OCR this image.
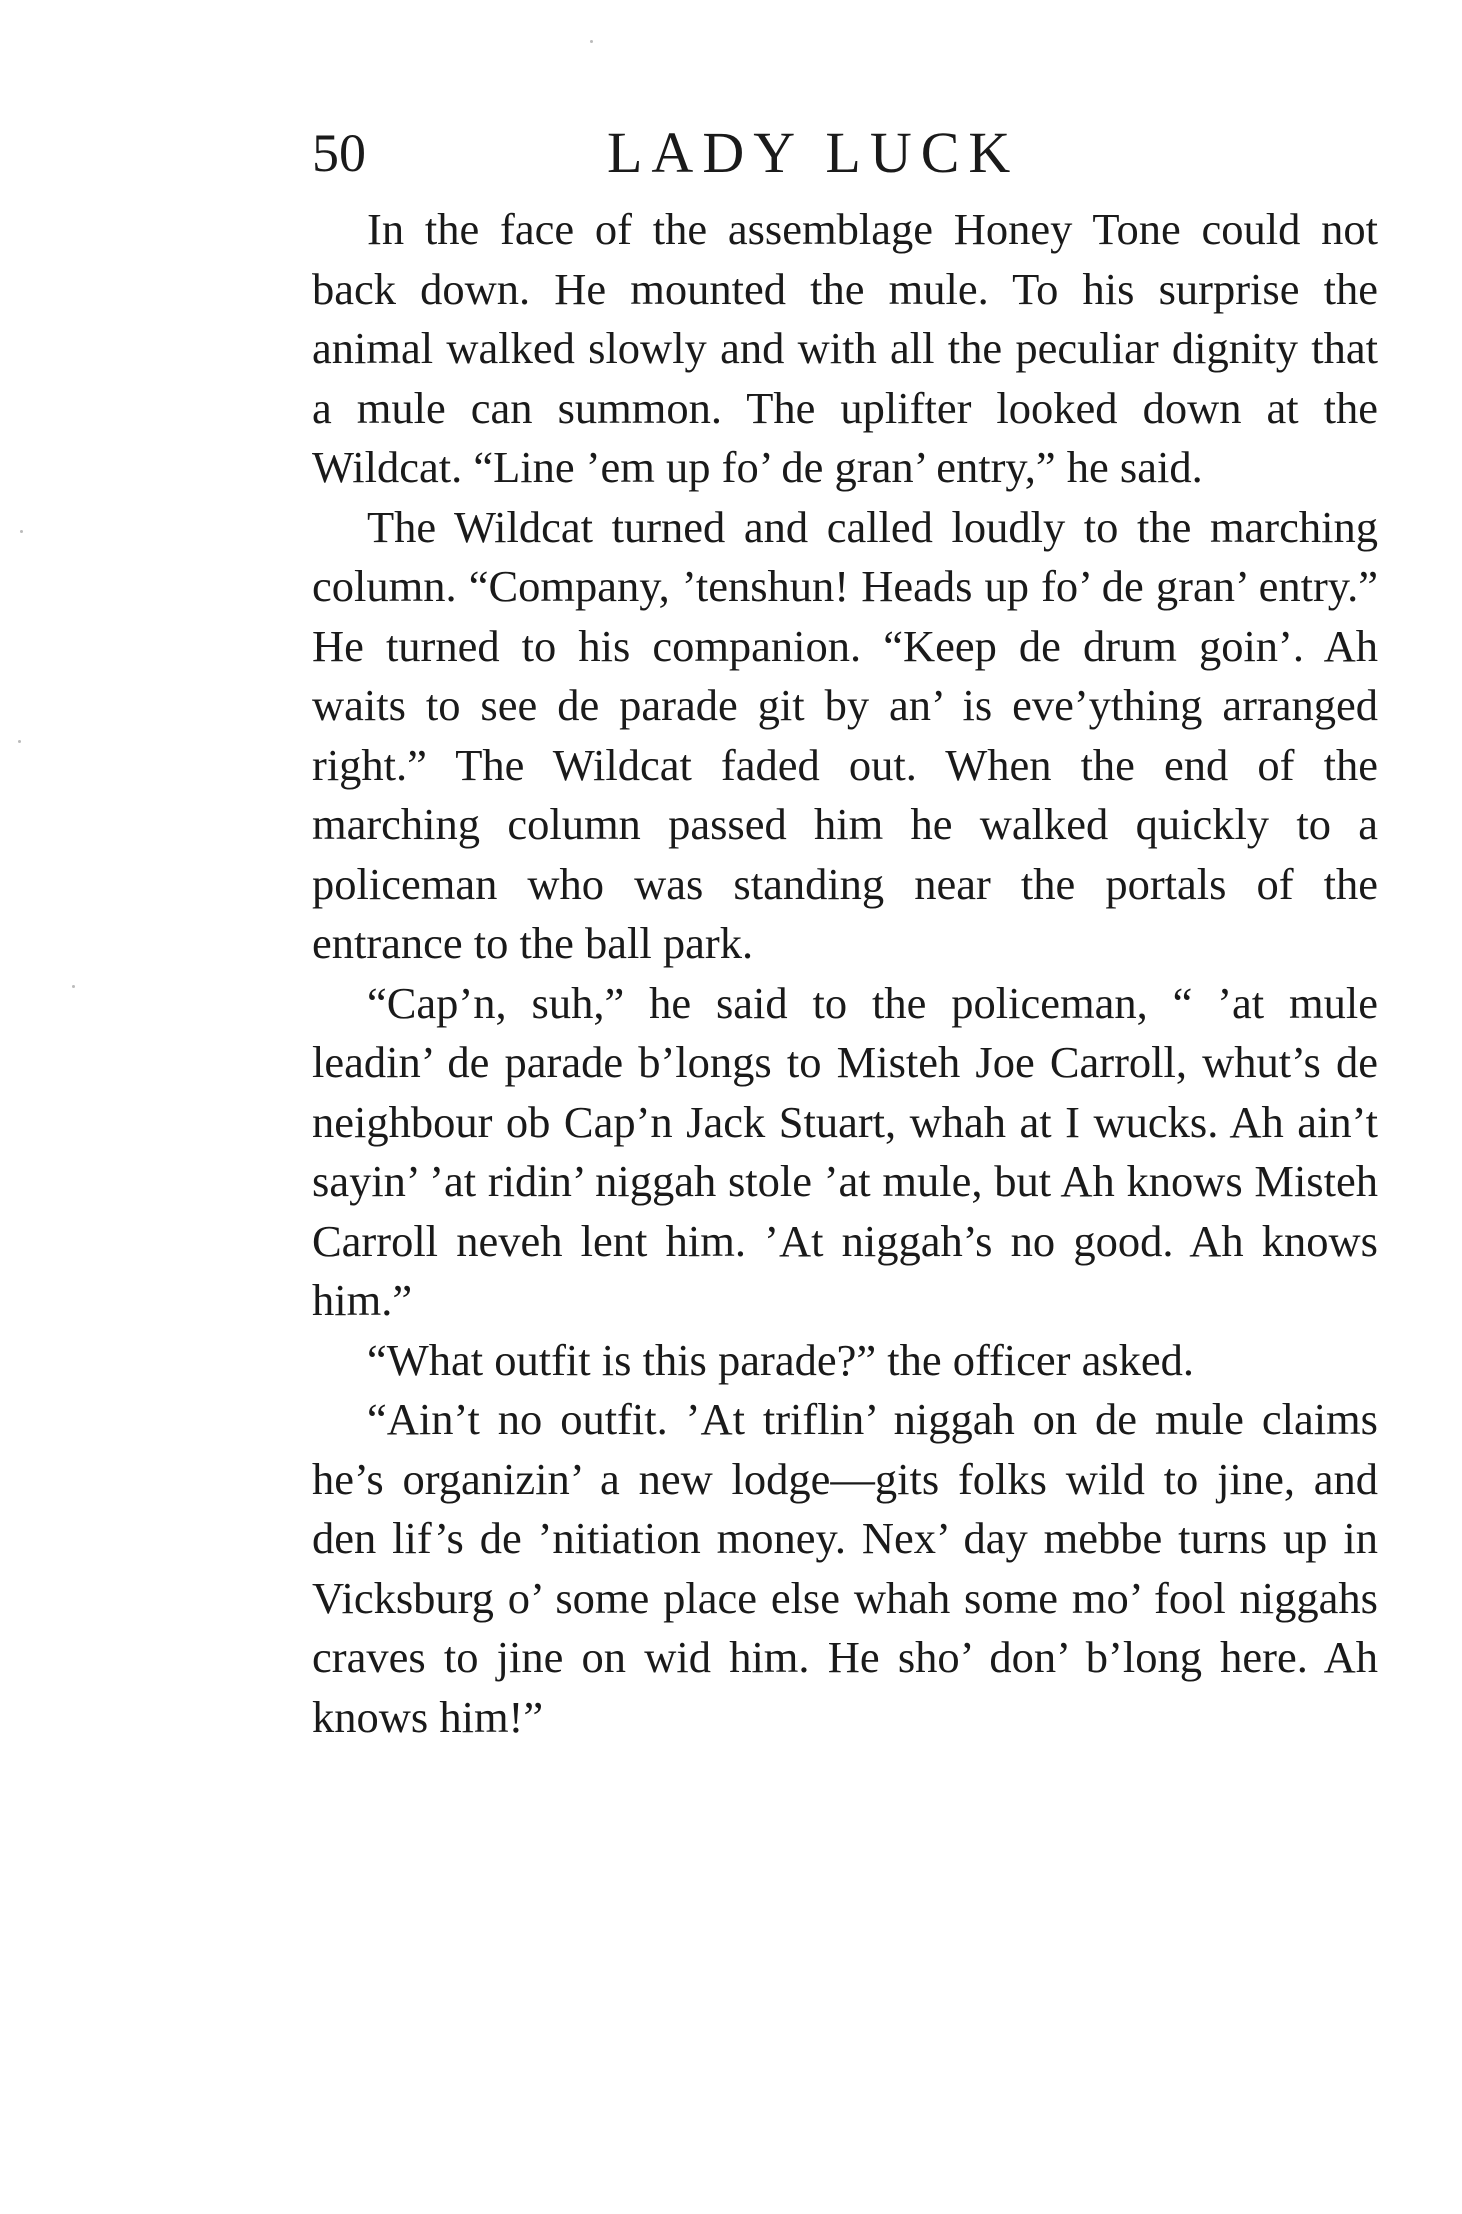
50	LADY LUCK

In the face of the assemblage Honey Tone could not back down. He mounted the mule. To his surprise the animal walked slowly and with all the peculiar dignity that a mule can summon. The uplifter looked down at the Wildcat. “Line ’em up fo’ de gran’ entry,” he said.

The Wildcat turned and called loudly to the marching column. “Company, ’tenshun! Heads up fo’ de gran’ entry.” He turned to his companion. “Keep de drum goin’. Ah waits to see de parade git by an’ is eve’ything arranged right.” The Wildcat faded out. When the end of the marching column passed him he walked quickly to a policeman who was standing near the portals of the entrance to the ball park.

“Cap’n, suh,” he said to the policeman, “ ’at mule leadin’ de parade b’longs to Misteh Joe Carroll, whut’s de neighbour ob Cap’n Jack Stuart, whah at I wucks. Ah ain’t sayin’ ’at ridin’ niggah stole ’at mule, but Ah knows Misteh Carroll neveh lent him. ’At niggah’s no good. Ah knows him.”

“What outfit is this parade?” the officer asked.

“Ain’t no outfit. ’At triflin’ niggah on de mule claims he’s organizin’ a new lodge—gits folks wild to jine, and den lif’s de ’nitiation money. Nex’ day mebbe turns up in Vicksburg o’ some place else whah some mo’ fool niggahs craves to jine on wid him. He sho’ don’ b’long here. Ah knows him!”
